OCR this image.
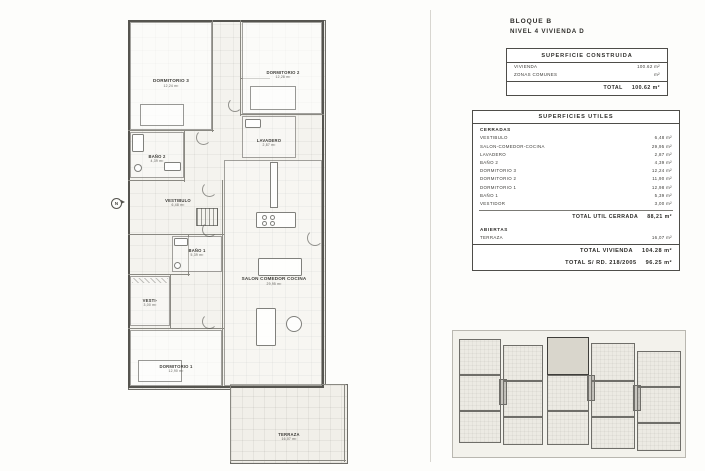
DORMITORIO 3
12,24 m²
DORMITORIO 2
12,28 m²
BAÑO 2
4,39 m²
LAVADERO
2,87 m²
VESTIBULO
6,48 m²
BAÑO 1
5,39 m²
VESTI-
3,00 m²
SALON COMEDOR COCINA
29,95 m²
DORMITORIO 1
12,90 m²
TERRAZA
16,07 m²
N
BLOQUE B
NIVEL 4 VIVIENDA D
SUPERFICIE CONSTRUIDA
VIVIENDA	100.62 m²
ZONAS COMUNES	m²
TOTAL 100.62 m²
SUPERFICIES UTILES
CERRADAS
VESTIBULO	6,48 m²
SALON-COMEDOR-COCINA	29,95 m²
LAVADERO	2,87 m²
BAÑO 2	4,39 m²
DORMITORIO 3	12,24 m²
DORMITORIO 2	11,90 m²
DORMITORIO 1	12,98 m²
BAÑO 1	5,39 m²
VESTIDOR	3,00 m²
TOTAL UTIL CERRADA 88,21 m²
ABIERTAS
TERRAZA	16,07 m²
TOTAL VIVIENDA 104.28 m²
TOTAL S/ RD. 218/2005 96.25 m²
